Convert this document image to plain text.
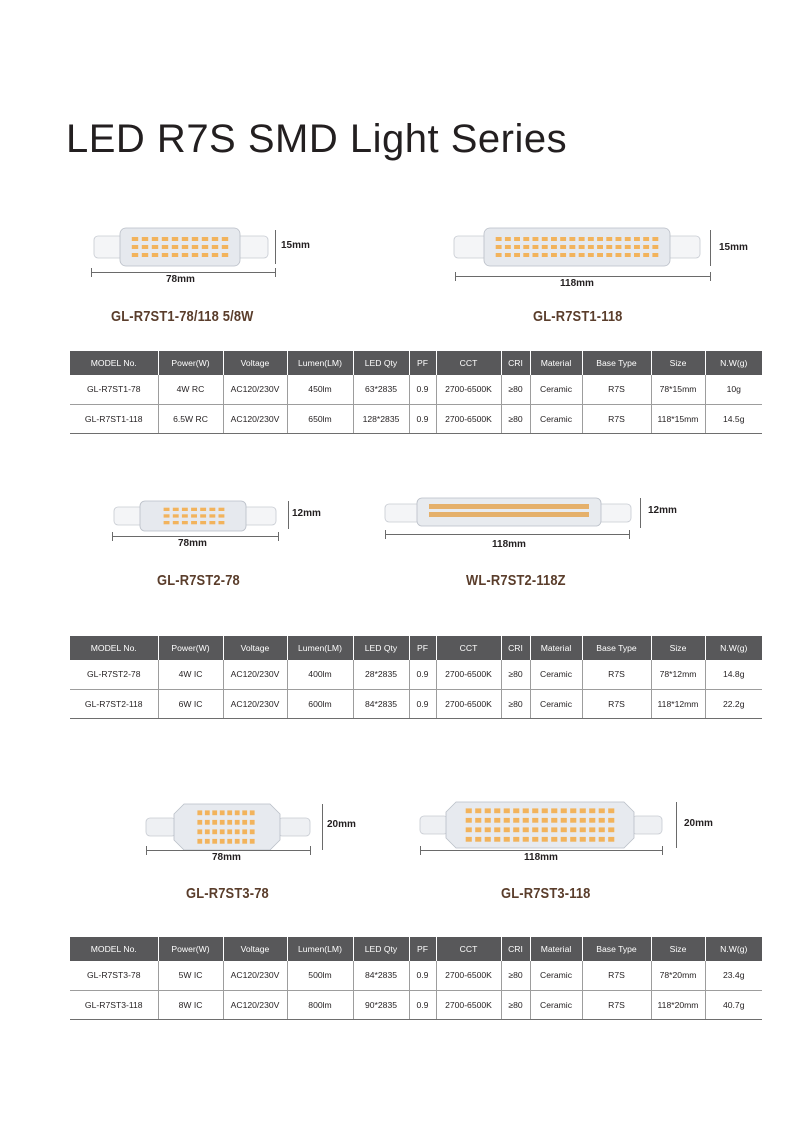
LED R7S SMD Light Series
78mm
15mm
GL-R7ST1-78/118 5/8W
118mm
15mm
GL-R7ST1-118
MODEL No.	Power(W)	Voltage	Lumen(LM)	LED Qty	PF	CCT	CRI	Material	Base Type	Size	N.W(g)
GL-R7ST1-78	4W RC	AC120/230V	450lm	63*2835	0.9	2700-6500K	≥80	Ceramic	R7S	78*15mm	10g
GL-R7ST1-118	6.5W RC	AC120/230V	650lm	128*2835	0.9	2700-6500K	≥80	Ceramic	R7S	118*15mm	14.5g
78mm
12mm
GL-R7ST2-78
118mm
12mm
WL-R7ST2-118Z
MODEL No.	Power(W)	Voltage	Lumen(LM)	LED Qty	PF	CCT	CRI	Material	Base Type	Size	N.W(g)
GL-R7ST2-78	4W IC	AC120/230V	400lm	28*2835	0.9	2700-6500K	≥80	Ceramic	R7S	78*12mm	14.8g
GL-R7ST2-118	6W IC	AC120/230V	600lm	84*2835	0.9	2700-6500K	≥80	Ceramic	R7S	118*12mm	22.2g
78mm
20mm
GL-R7ST3-78
118mm
20mm
GL-R7ST3-118
MODEL No.	Power(W)	Voltage	Lumen(LM)	LED Qty	PF	CCT	CRI	Material	Base Type	Size	N.W(g)
GL-R7ST3-78	5W IC	AC120/230V	500lm	84*2835	0.9	2700-6500K	≥80	Ceramic	R7S	78*20mm	23.4g
GL-R7ST3-118	8W IC	AC120/230V	800lm	90*2835	0.9	2700-6500K	≥80	Ceramic	R7S	118*20mm	40.7g
